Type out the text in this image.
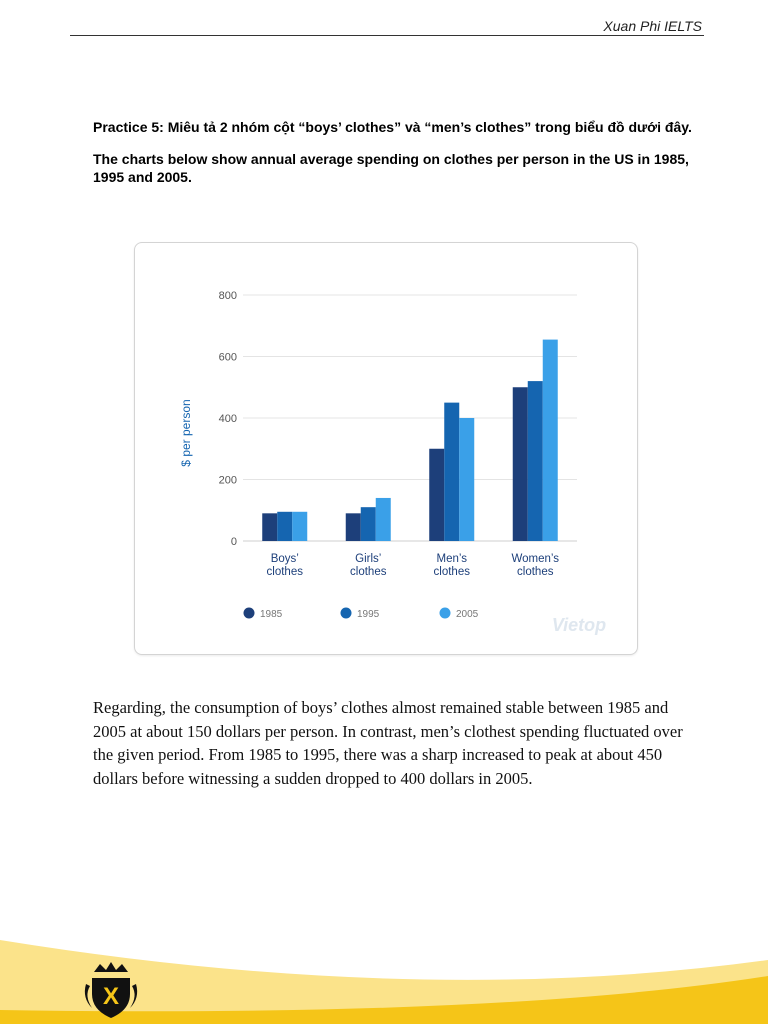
Xuan Phi IELTS

Practice 5: Miêu tả 2 nhóm cột “boys’ clothes” và “men’s clothes” trong biểu đồ dưới đây.

The charts below show annual average spending on clothes per person in the US in 1985, 1995 and 2005.

Vietop
0
200
400
600
800
$ per person
Boys’
clothes
Girls’
clothes
Men’s
clothes
Women’s
clothes
1985	1995	2005

Regarding, the consumption of boys’ clothes almost remained stable between 1985 and 2005 at about 150 dollars per person. In contrast, men’s clothest spending fluctuated over the given period. From 1985 to 1995, there was a sharp increased to peak at about 450 dollars before witnessing a sudden dropped to 400 dollars in 2005.

X
